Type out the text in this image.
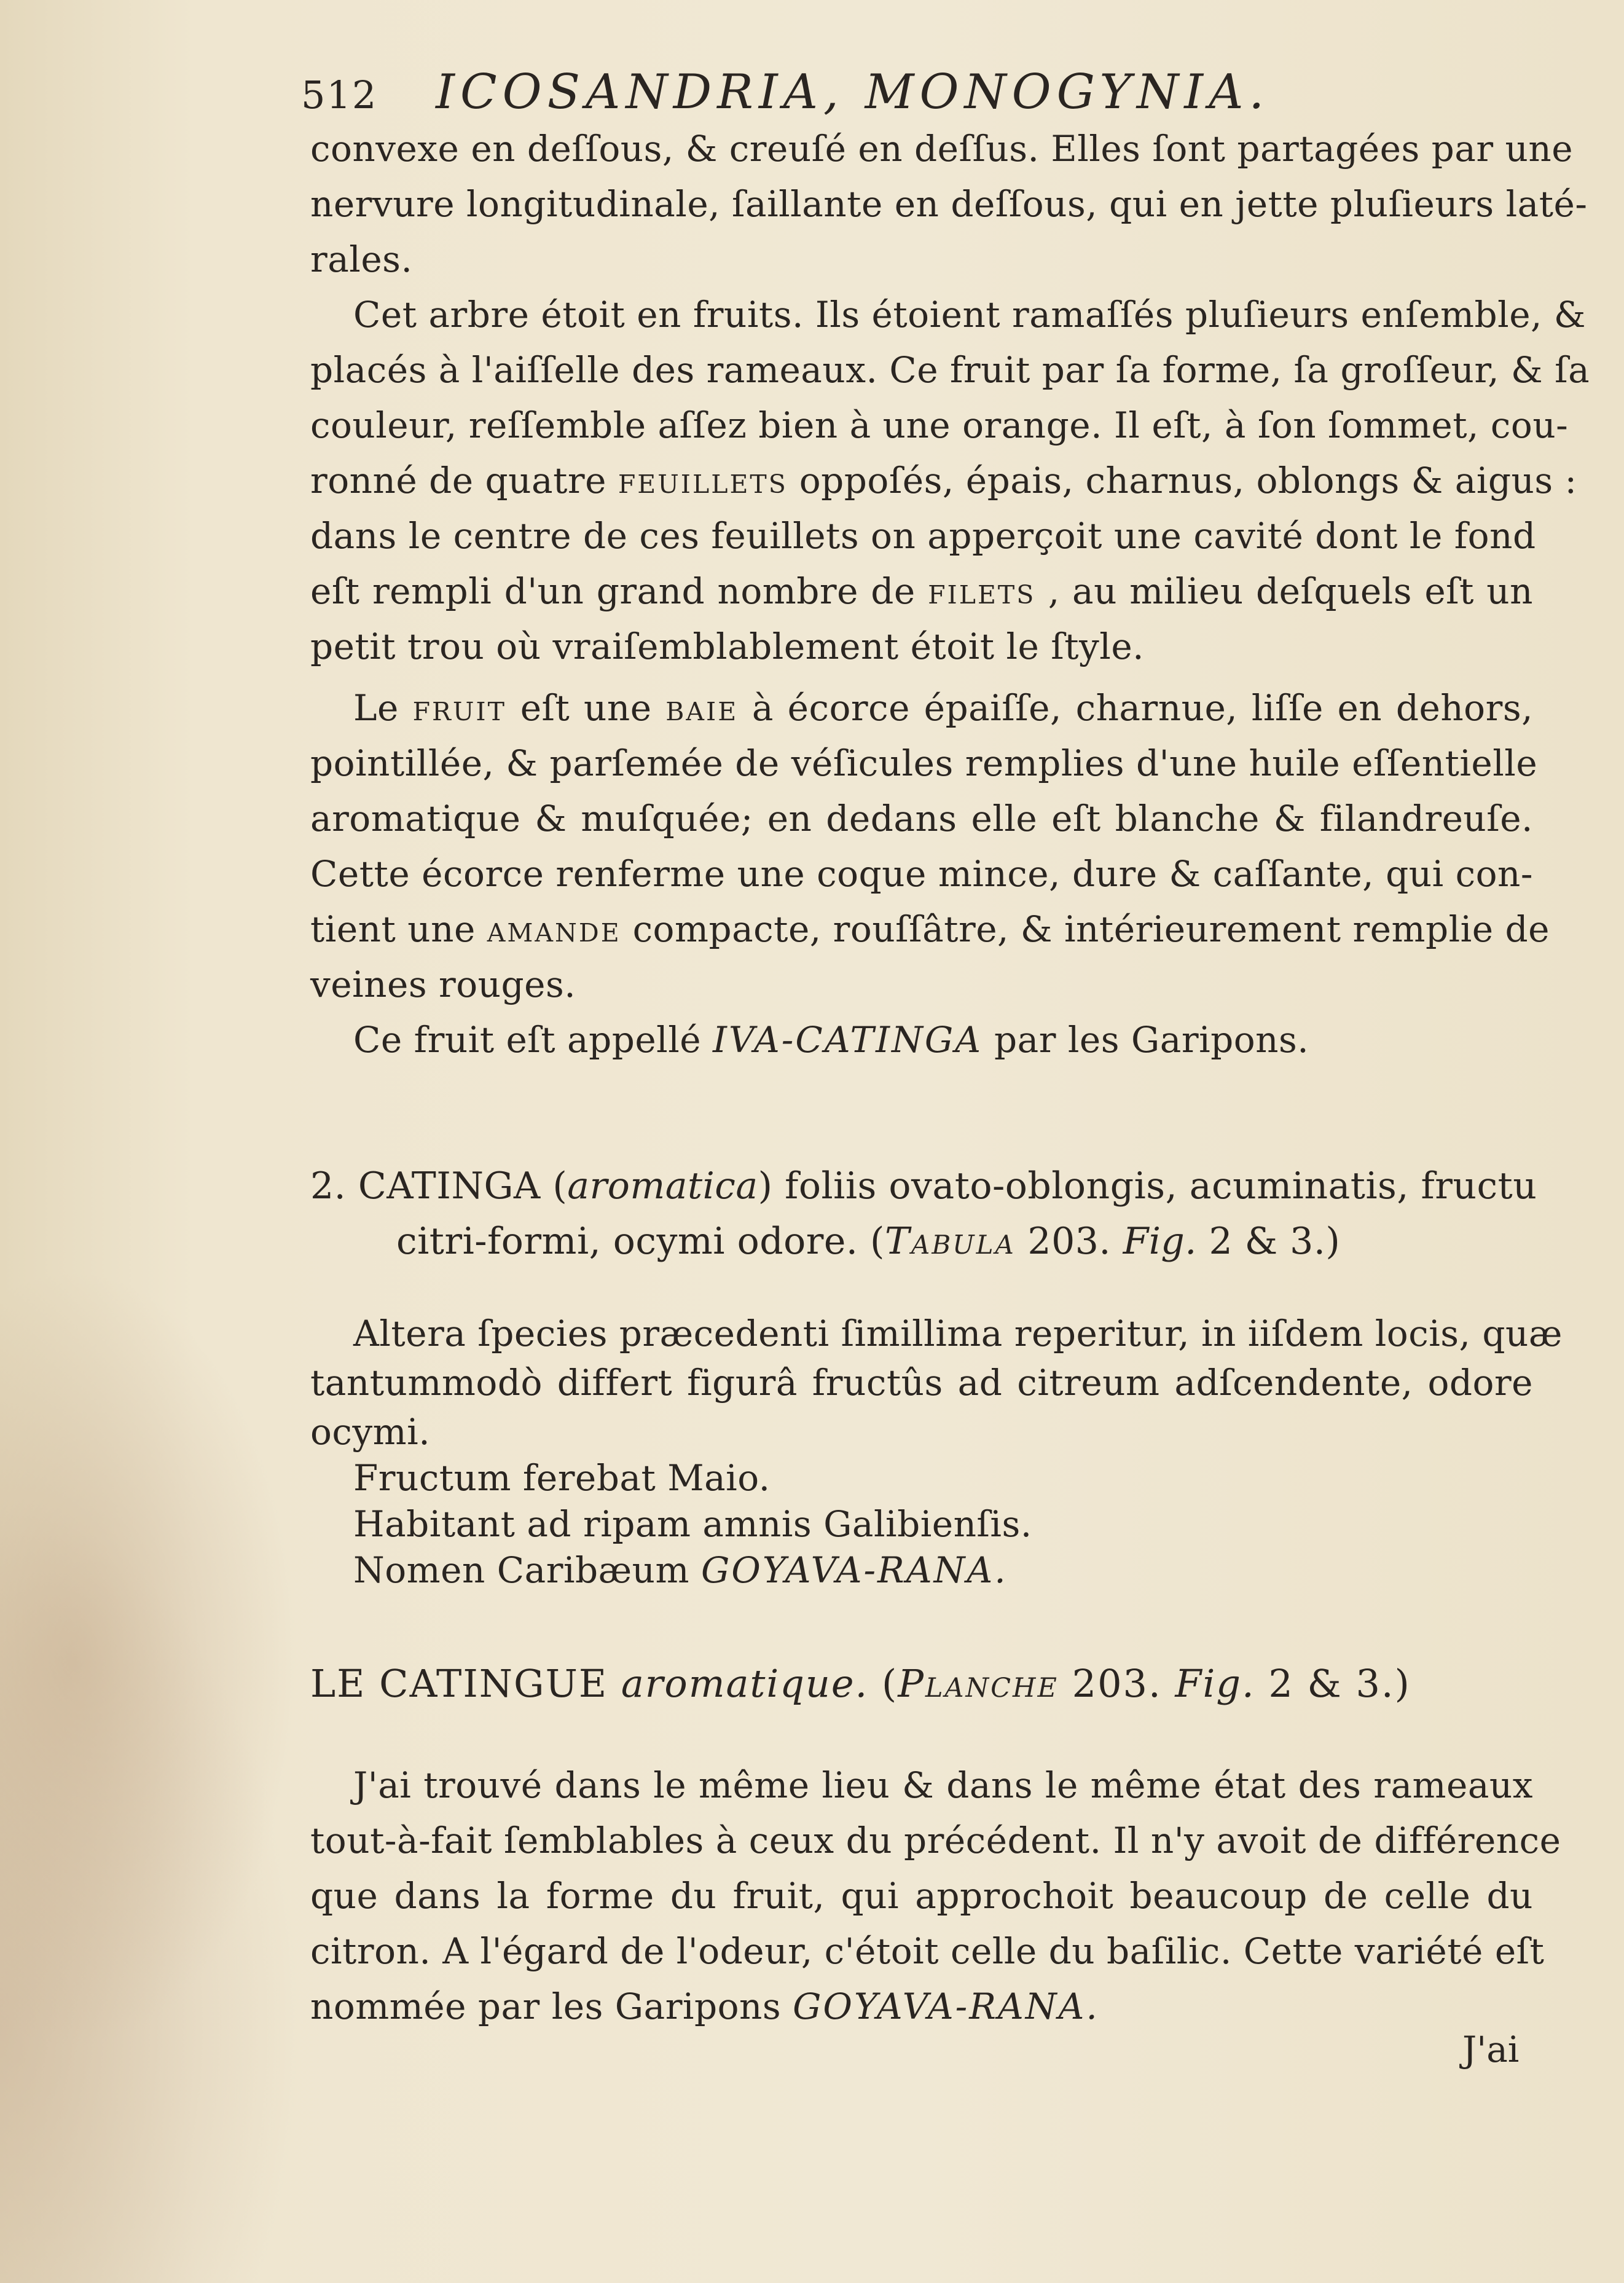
512 ICOSANDRIA, MONOGYNIA.
convexe en deſſous, & creuſé en deſſus. Elles ſont partagées par une
nervure longitudinale, ſaillante en deſſous, qui en jette pluſieurs laté-
rales.
Cet arbre étoit en fruits. Ils étoient ramaſſés pluſieurs enſemble, &
placés à l'aiſſelle des rameaux. Ce fruit par ſa forme, ſa groſſeur, & ſa
couleur, reſſemble aſſez bien à une orange. Il eſt, à ſon ſommet, cou-
ronné de quatre feuillets oppoſés, épais, charnus, oblongs & aigus :
dans le centre de ces feuillets on apperçoit une cavité dont le fond
eſt rempli d'un grand nombre de filets , au milieu deſquels eſt un
petit trou où vraiſemblablement étoit le ſtyle.
Le fruit eſt une baie à écorce épaiſſe, charnue, liſſe en dehors,
pointillée, & parſemée de véſicules remplies d'une huile eſſentielle
aromatique & muſquée; en dedans elle eſt blanche & filandreuſe.
Cette écorce renferme une coque mince, dure & caſſante, qui con-
tient une amande compacte, rouſſâtre, & intérieurement remplie de
veines rouges.
Ce fruit eſt appellé IVA-CATINGA par les Garipons.
2. CATINGA (aromatica) foliis ovato-oblongis, acuminatis, fructu
citri-formi, ocymi odore. (Tabula 203. Fig. 2 & 3.)
Altera ſpecies præcedenti ſimillima reperitur, in iiſdem locis, quæ
tantummodò differt figurâ fructûs ad citreum adſcendente, odore
ocymi.
Fructum ferebat Maio.
Habitant ad ripam amnis Galibienſis.
Nomen Caribæum GOYAVA-RANA.
LE CATINGUE aromatique. (Planche 203. Fig. 2 & 3.)
J'ai trouvé dans le même lieu & dans le même état des rameaux
tout-à-fait ſemblables à ceux du précédent. Il n'y avoit de différence
que dans la forme du fruit, qui approchoit beaucoup de celle du
citron. A l'égard de l'odeur, c'étoit celle du baſilic. Cette variété eſt
nommée par les Garipons GOYAVA-RANA.
J'ai
